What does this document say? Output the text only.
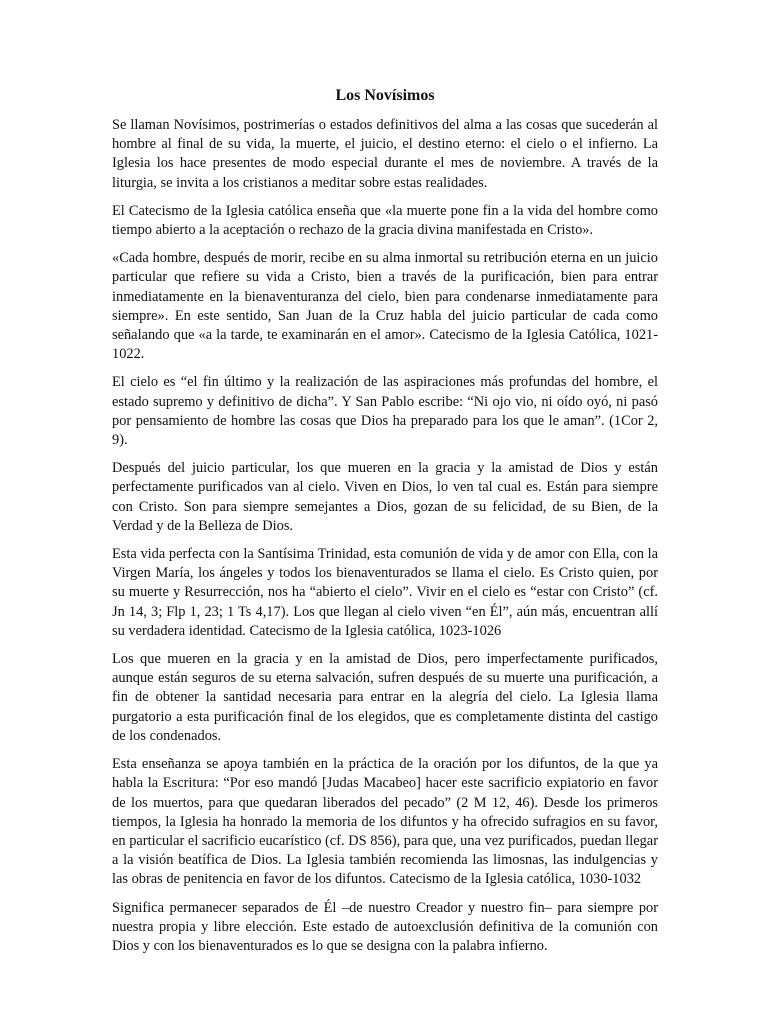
Los Novísimos

Se llaman Novísimos, postrimerías o estados definitivos del alma a las cosas que sucederán al hombre al final de su vida, la muerte, el juicio, el destino eterno: el cielo o el infierno. La Iglesia los hace presentes de modo especial durante el mes de noviembre. A través de la liturgia, se invita a los cristianos a meditar sobre estas realidades.

El Catecismo de la Iglesia católica enseña que «la muerte pone fin a la vida del hombre como tiempo abierto a la aceptación o rechazo de la gracia divina manifestada en Cristo».

«Cada hombre, después de morir, recibe en su alma inmortal su retribución eterna en un juicio particular que refiere su vida a Cristo, bien a través de la purificación, bien para entrar inmediatamente en la bienaventuranza del cielo, bien para condenarse inmediatamente para siempre». En este sentido, San Juan de la Cruz habla del juicio particular de cada como señalando que «a la tarde, te examinarán en el amor». Catecismo de la Iglesia Católica, 1021-1022.

El cielo es “el fin último y la realización de las aspiraciones más profundas del hombre, el estado supremo y definitivo de dicha”. Y San Pablo escribe: “Ni ojo vio, ni oído oyó, ni pasó por pensamiento de hombre las cosas que Dios ha preparado para los que le aman”. (1Cor 2, 9).

Después del juicio particular, los que mueren en la gracia y la amistad de Dios y están perfectamente purificados van al cielo. Viven en Dios, lo ven tal cual es. Están para siempre con Cristo. Son para siempre semejantes a Dios, gozan de su felicidad, de su Bien, de la Verdad y de la Belleza de Dios.

Esta vida perfecta con la Santísima Trinidad, esta comunión de vida y de amor con Ella, con la Virgen María, los ángeles y todos los bienaventurados se llama el cielo. Es Cristo quien, por su muerte y Resurrección, nos ha “abierto el cielo”. Vivir en el cielo es “estar con Cristo” (cf. Jn 14, 3; Flp 1, 23; 1 Ts 4,17). Los que llegan al cielo viven “en Él”, aún más, encuentran allí su verdadera identidad. Catecismo de la Iglesia católica, 1023-1026

Los que mueren en la gracia y en la amistad de Dios, pero imperfectamente purificados, aunque están seguros de su eterna salvación, sufren después de su muerte una purificación, a fin de obtener la santidad necesaria para entrar en la alegría del cielo. La Iglesia llama purgatorio a esta purificación final de los elegidos, que es completamente distinta del castigo de los condenados.

Esta enseñanza se apoya también en la práctica de la oración por los difuntos, de la que ya habla la Escritura: “Por eso mandó [Judas Macabeo] hacer este sacrificio expiatorio en favor de los muertos, para que quedaran liberados del pecado” (2 M 12, 46). Desde los primeros tiempos, la Iglesia ha honrado la memoria de los difuntos y ha ofrecido sufragios en su favor, en particular el sacrificio eucarístico (cf. DS 856), para que, una vez purificados, puedan llegar a la visión beatífica de Dios. La Iglesia también recomienda las limosnas, las indulgencias y las obras de penitencia en favor de los difuntos. Catecismo de la Iglesia católica, 1030-1032

Significa permanecer separados de Él –de nuestro Creador y nuestro fin– para siempre por nuestra propia y libre elección. Este estado de autoexclusión definitiva de la comunión con Dios y con los bienaventurados es lo que se designa con la palabra infierno.
